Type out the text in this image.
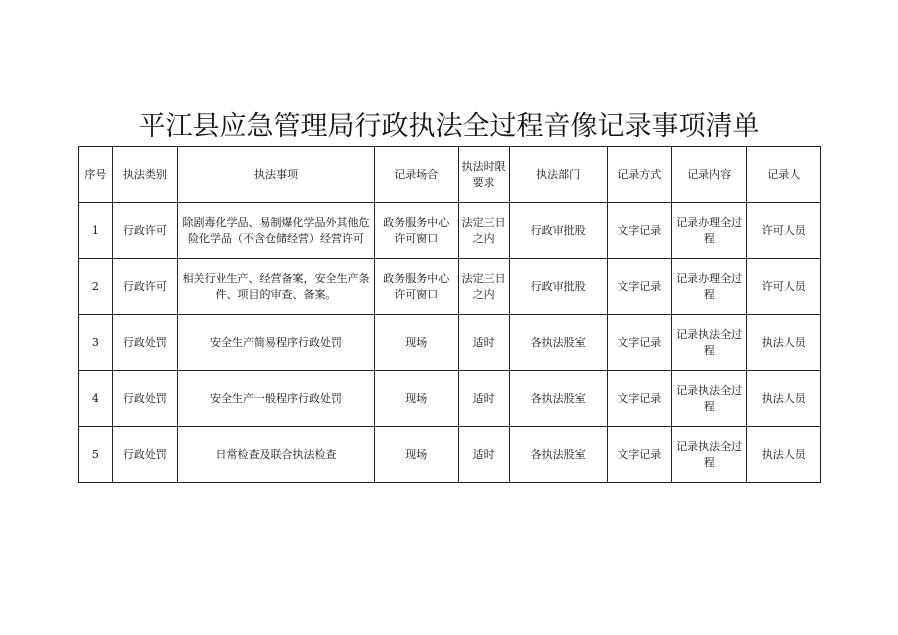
平江县应急管理局行政执法全过程音像记录事项清单
序号	执法类别	执法事项	记录场合	执法时限要求	执法部门	记录方式	记录内容	记录人
1	行政许可	除剧毒化学品、易制爆化学品外其他危险化学品（不含仓储经营）经营许可	政务服务中心许可窗口	法定三日之内	行政审批股	文字记录	记录办理全过程	许可人员
2	行政许可	相关行业生产、经营备案，安全生产条件、项目的审查、备案。	政务服务中心许可窗口	法定三日之内	行政审批股	文字记录	记录办理全过程	许可人员
3	行政处罚	安全生产简易程序行政处罚	现场	适时	各执法股室	文字记录	记录执法全过程	执法人员
4	行政处罚	安全生产一般程序行政处罚	现场	适时	各执法股室	文字记录	记录执法全过程	执法人员
5	行政处罚	日常检查及联合执法检查	现场	适时	各执法股室	文字记录	记录执法全过程	执法人员
